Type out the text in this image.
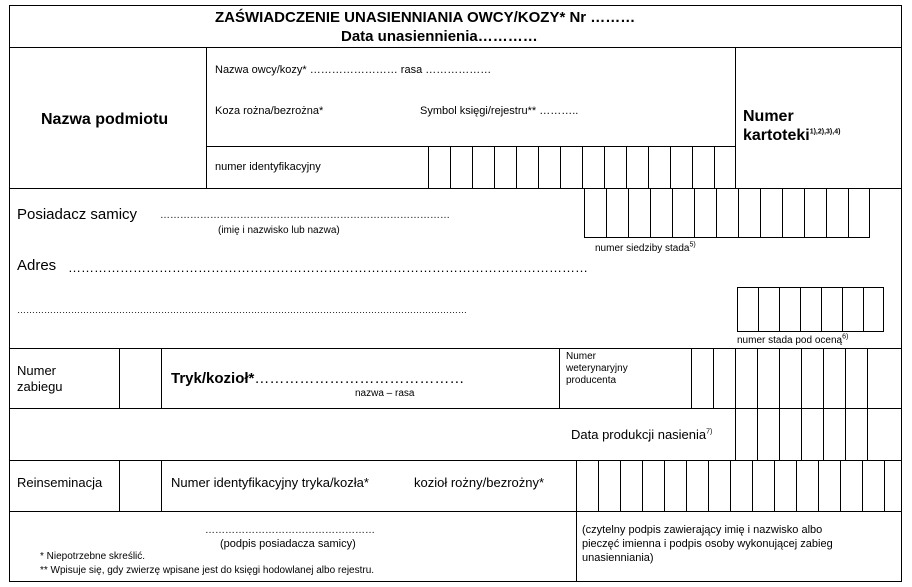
ZAŚWIADCZENIE UNASIENNIANIA OWCY/KOZY* Nr ………
Data unasiennienia…………
Nazwa podmiotu
Nazwa owcy/kozy* …………………… rasa ………………
Koza rożna/bezrożna*	Symbol księgi/rejestru** ………..
numer identyfikacyjny
Numer
kartoteki$^{1),2),3),4)}$
Posiadacz samicy ……………………………………………………………………………
(imię i nazwisko lub nazwa)
numer siedziby stada$^{5)}$
Adres …………………………………………………………………………………………………………
……………………………………………………………………………………………………………………………………
numer stada pod oceną$^{6)}$
Numer
zabiegu	Tryk/kozioł*……………………………………
nazwa – rasa
Numer
weterynaryjny
producenta
Data produkcji nasienia$^{7)}$
Reinseminacja	Numer identyfikacyjny tryka/kozła*	kozioł rożny/bezrożny*
……………………………………………
(podpis posiadacza samicy)
* Niepotrzebne skreślić.
** Wpisuje się, gdy zwierzę wpisane jest do księgi hodowlanej albo rejestru.
(czytelny podpis zawierający imię i nazwisko albo
pieczęć imienna i podpis osoby wykonującej zabieg
unasienniania)
